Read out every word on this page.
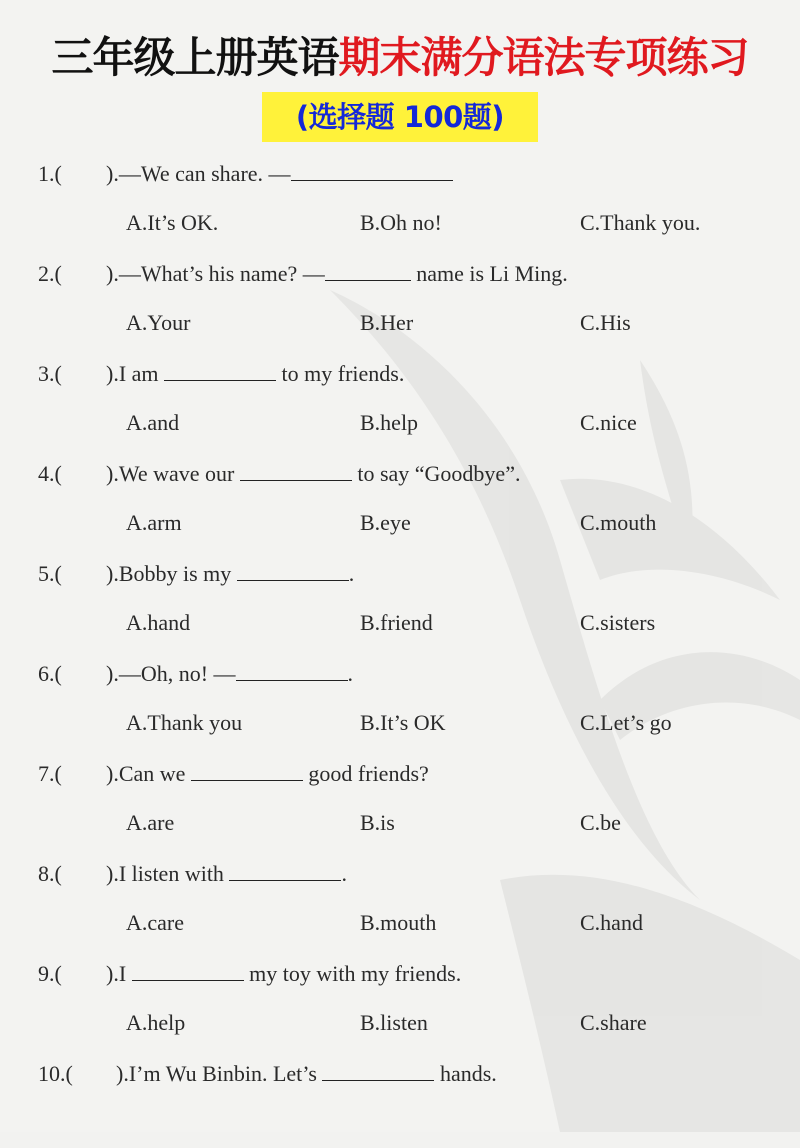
三年级上册英语期末满分语法专项练习
(选择题 100题)
1.( ).—We can share. —
A.It’s OK.	B.Oh no!	C.Thank you.
2.( ).—What’s his name? —	name is Li Ming.
A.Your	B.Her	C.His
3.( ).I am	to my friends.
A.and	B.help	C.nice
4.( ).We wave our	to say “Goodbye”.
A.arm	B.eye	C.mouth
5.( ).Bobby is my	.
A.hand	B.friend	C.sisters
6.( ).—Oh, no! —	.
A.Thank you	B.It’s OK	C.Let’s go
7.( ).Can we	good friends?
A.are	B.is	C.be
8.( ).I listen with	.
A.care	B.mouth	C.hand
9.( ).I	my toy with my friends.
A.help	B.listen	C.share
10.( ).I’m Wu Binbin. Let’s	hands.
